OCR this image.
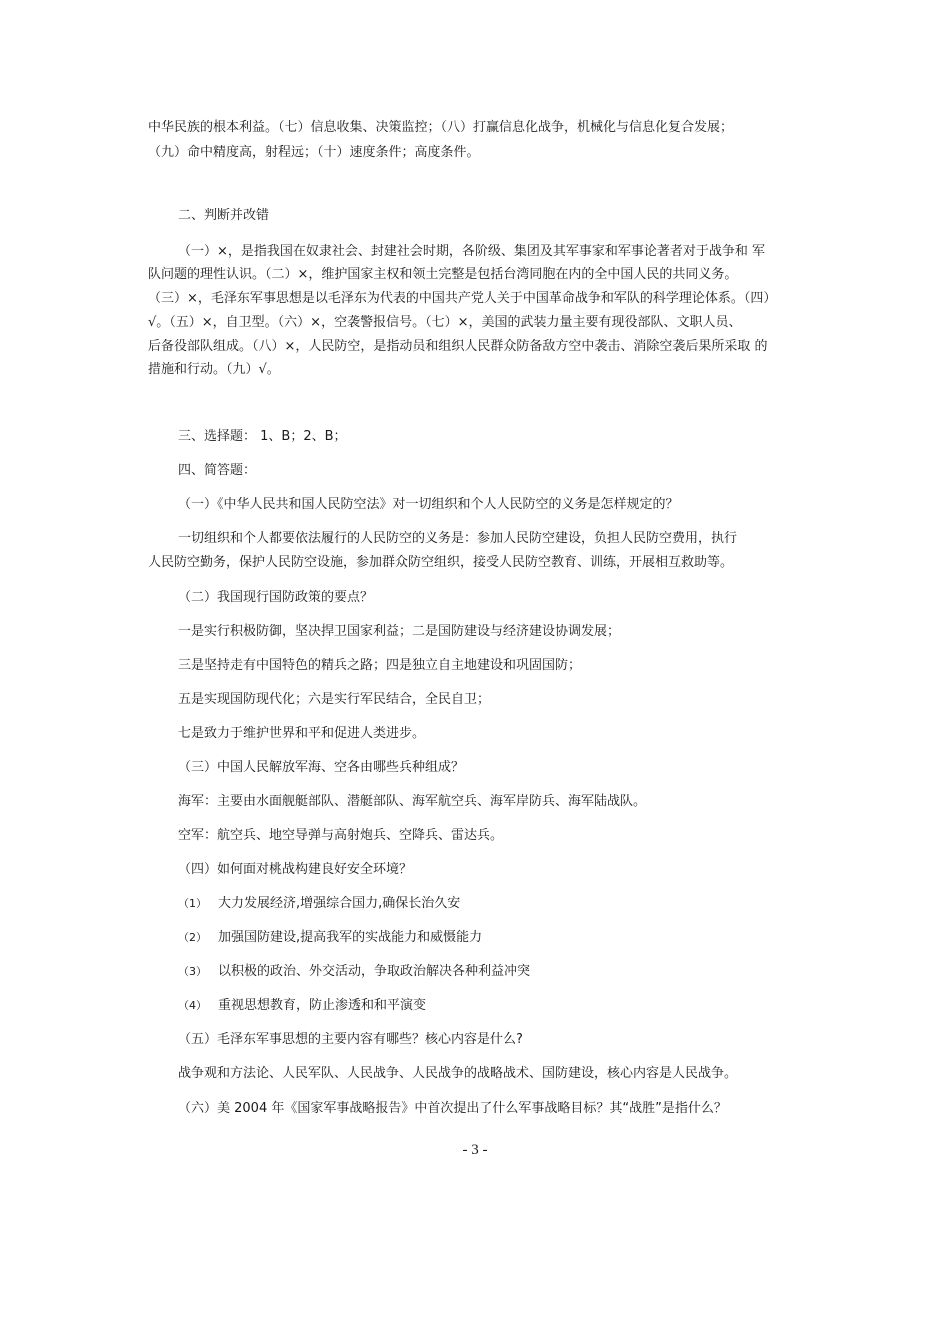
中华民族的根本利益。（七）信息收集、决策监控；（八）打赢信息化战争，机械化与信息化复合发展；

（九）命中精度高，射程远；（十）速度条件；高度条件。

二、判断并改错

（一）×，是指我国在奴隶社会、封建社会时期，各阶级、集团及其军事家和军事论著者对于战争和 军

队问题的理性认识。（二）×，维护国家主权和领土完整是包括台湾同胞在内的全中国人民的共同义务。

（三）×，毛泽东军事思想是以毛泽东为代表的中国共产党人关于中国革命战争和军队的科学理论体系。（四）

√。（五）×，自卫型。（六）×，空袭警报信号。（七）×，美国的武装力量主要有现役部队、文职人员、

后备役部队组成。（八）×，人民防空，是指动员和组织人民群众防备敌方空中袭击、消除空袭后果所采取 的

措施和行动。（九）√。

三、选择题： 1、B；2、B；

四、简答题：

（一）《中华人民共和国人民防空法》对一切组织和个人人民防空的义务是怎样规定的？

一切组织和个人都要依法履行的人民防空的义务是：参加人民防空建设，负担人民防空费用，执行

人民防空勤务，保护人民防空设施，参加群众防空组织，接受人民防空教育、训练，开展相互救助等。

（二）我国现行国防政策的要点？

一是实行积极防御，坚决捍卫国家利益；二是国防建设与经济建设协调发展；

三是坚持走有中国特色的精兵之路；四是独立自主地建设和巩固国防；

五是实现国防现代化；六是实行军民结合，全民自卫；

七是致力于维护世界和平和促进人类进步。

（三）中国人民解放军海、空各由哪些兵种组成？

海军：主要由水面舰艇部队、潜艇部队、海军航空兵、海军岸防兵、海军陆战队。

空军：航空兵、地空导弹与高射炮兵、空降兵、雷达兵。

（四）如何面对桃战构建良好安全环境？

（1） 大力发展经济,增强综合国力,确保长治久安
（2） 加强国防建设,提高我军的实战能力和威慑能力
（3） 以积极的政治、外交活动，争取政治解决各种利益冲突
（4） 重视思想教育，防止渗透和和平演变

（五）毛泽东军事思想的主要内容有哪些？核心内容是什么?

战争观和方法论、人民军队、人民战争、人民战争的战略战术、国防建设，核心内容是人民战争。

（六）美 2004 年《国家军事战略报告》中首次提出了什么军事战略目标？其“战胜”是指什么？

- 3 -
